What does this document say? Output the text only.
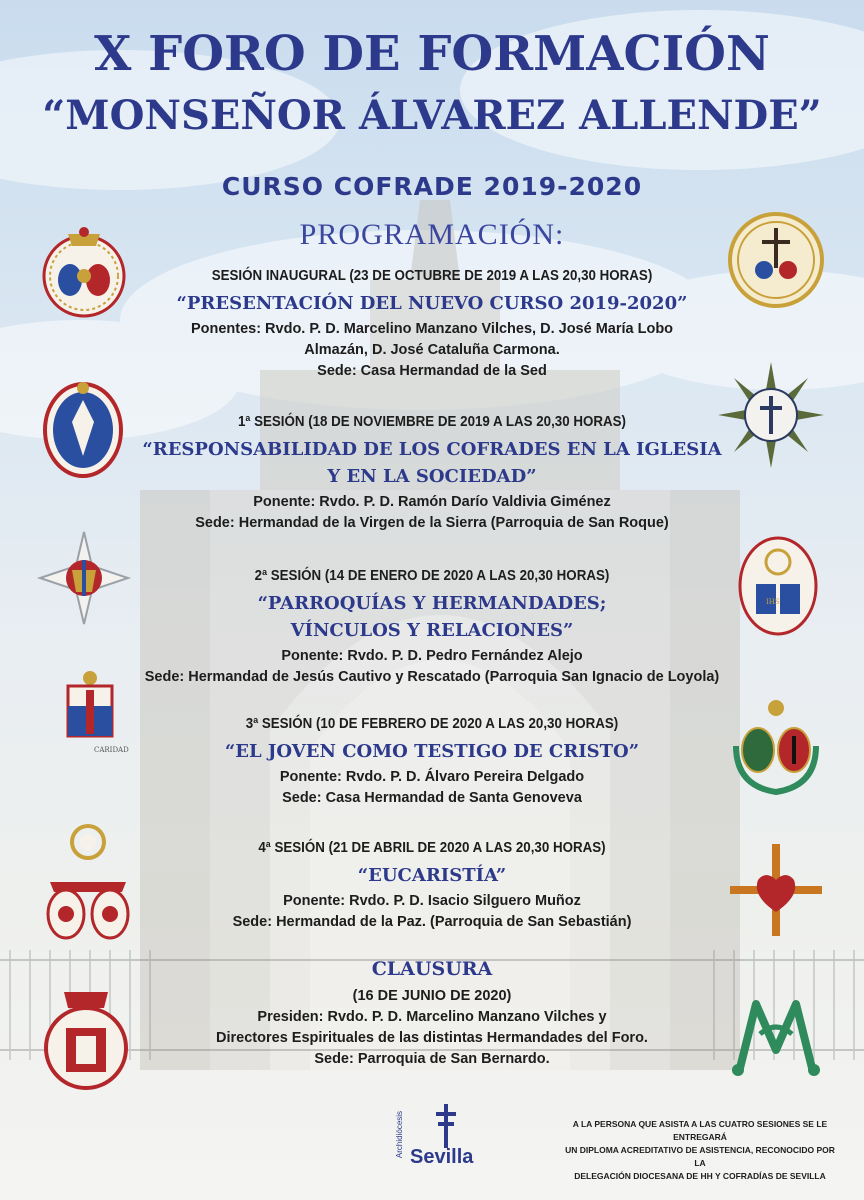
X FORO DE FORMACIÓN
“MONSEÑOR ÁLVAREZ ALLENDE”
CURSO COFRADE 2019-2020
PROGRAMACIÓN:
SESIÓN INAUGURAL (23 DE OCTUBRE DE 2019 A LAS 20,30 HORAS)
“PRESENTACIÓN DEL NUEVO CURSO 2019-2020”
Ponentes: Rvdo. P. D. Marcelino Manzano Vilches, D. José María Lobo
Almazán, D. José Cataluña Carmona.
Sede: Casa Hermandad de la Sed
1ª SESIÓN (18 DE NOVIEMBRE DE 2019 A LAS 20,30 HORAS)
“RESPONSABILIDAD DE LOS COFRADES EN LA IGLESIA
Y EN LA SOCIEDAD”
Ponente: Rvdo. P. D. Ramón Darío Valdivia Giménez
Sede: Hermandad de la Virgen de la Sierra (Parroquia de San Roque)
2ª SESIÓN (14 DE ENERO DE 2020 A LAS 20,30 HORAS)
“PARROQUÍAS Y HERMANDADES;
VÍNCULOS Y RELACIONES”
Ponente: Rvdo. P. D. Pedro Fernández Alejo
Sede: Hermandad de Jesús Cautivo y Rescatado (Parroquia San Ignacio de Loyola)
3ª SESIÓN (10 DE FEBRERO DE 2020 A LAS 20,30 HORAS)
“EL JOVEN COMO TESTIGO DE CRISTO”
Ponente: Rvdo. P. D. Álvaro Pereira Delgado
Sede: Casa Hermandad de Santa Genoveva
4ª SESIÓN (21 DE ABRIL DE 2020 A LAS 20,30 HORAS)
“EUCARISTÍA”
Ponente: Rvdo. P. D. Isacio Silguero Muñoz
Sede: Hermandad de la Paz. (Parroquia de San Sebastián)
CLAUSURA
(16 DE JUNIO DE 2020)
Presiden: Rvdo. P. D. Marcelino Manzano Vilches y
Directores Espirituales de las distintas Hermandades del Foro.
Sede: Parroquia de San Bernardo.
CARIDAD
IHS
Archidiócesis Sevilla
A LA PERSONA QUE ASISTA A LAS CUATRO SESIONES SE LE ENTREGARÁ
UN DIPLOMA ACREDITATIVO DE ASISTENCIA, RECONOCIDO POR LA
DELEGACIÓN DIOCESANA DE HH Y COFRADÍAS DE SEVILLA
